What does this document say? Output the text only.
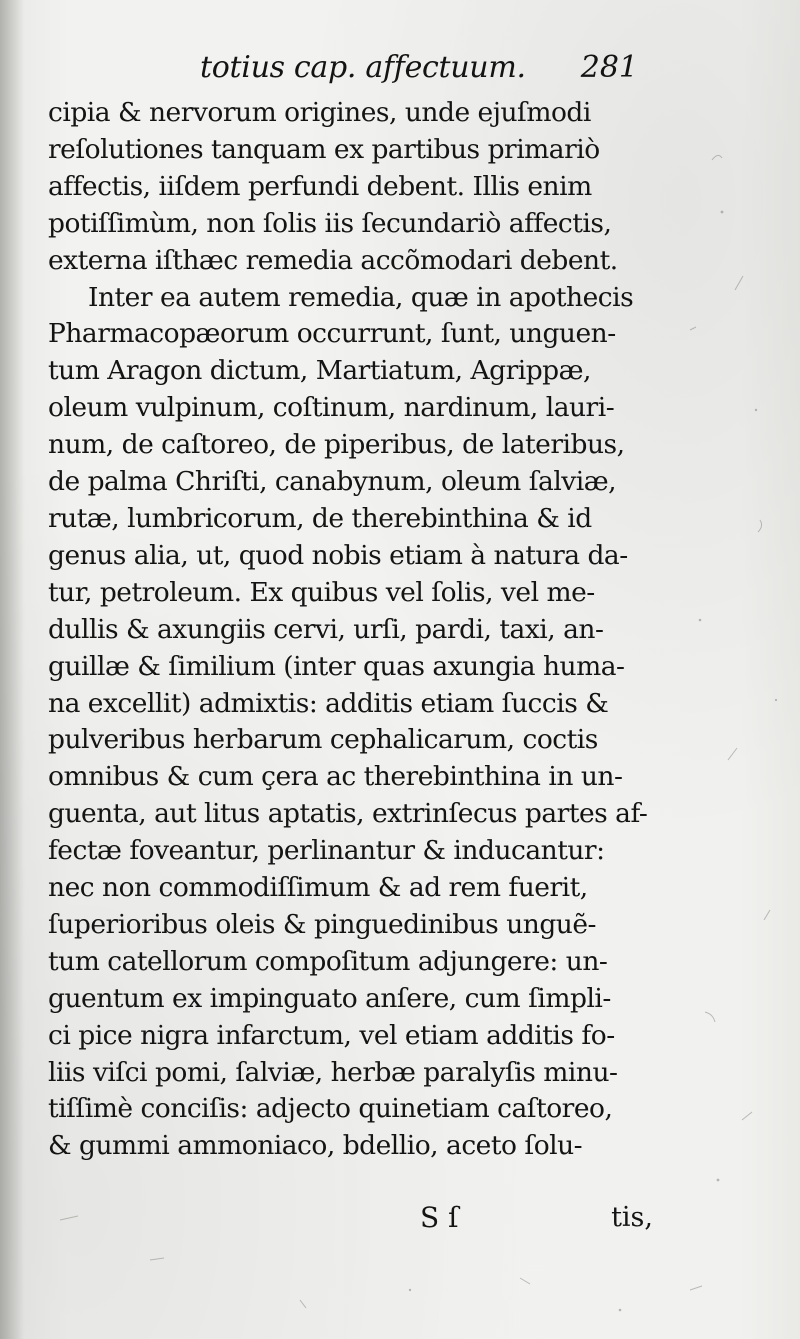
totius cap. affectuum. 281
cipia & nervorum origines, unde ejuſmodi
reſolutiones tanquam ex partibus primariò
affectis, iiſdem perfundi debent. Illis enim
potiſſimùm, non ſolis iis ſecundariò affectis,
externa iſthæc remedia accõmodari debent.
Inter ea autem remedia, quæ in apothecis
Pharmacopæorum occurrunt, ſunt, unguen-
tum Aragon dictum, Martiatum, Agrippæ,
oleum vulpinum, coſtinum, nardinum, lauri-
num, de caſtoreo, de piperibus, de lateribus,
de palma Chriſti, canabynum, oleum ſalviæ,
rutæ, lumbricorum, de therebinthina & id
genus alia, ut, quod nobis etiam à natura da-
tur, petroleum. Ex quibus vel ſolis, vel me-
dullis & axungiis cervi, urſi, pardi, taxi, an-
guillæ & ſimilium (inter quas axungia huma-
na excellit) admixtis: additis etiam ſuccis &
pulveribus herbarum cephalicarum, coctis
omnibus & cum çera ac therebinthina in un-
guenta, aut litus aptatis, extrinſecus partes af-
fectæ foveantur, perlinantur & inducantur:
nec non commodiſſimum & ad rem fuerit,
ſuperioribus oleis & pinguedinibus unguẽ-
tum catellorum compoſitum adjungere: un-
guentum ex impinguato anſere, cum ſimpli-
ci pice nigra infarctum, vel etiam additis fo-
liis viſci pomi, ſalviæ, herbæ paralyſis minu-
tiſſimè conciſis: adjecto quinetiam caſtoreo,
& gummi ammoniaco, bdellio, aceto ſolu-
S ſ	tis,
